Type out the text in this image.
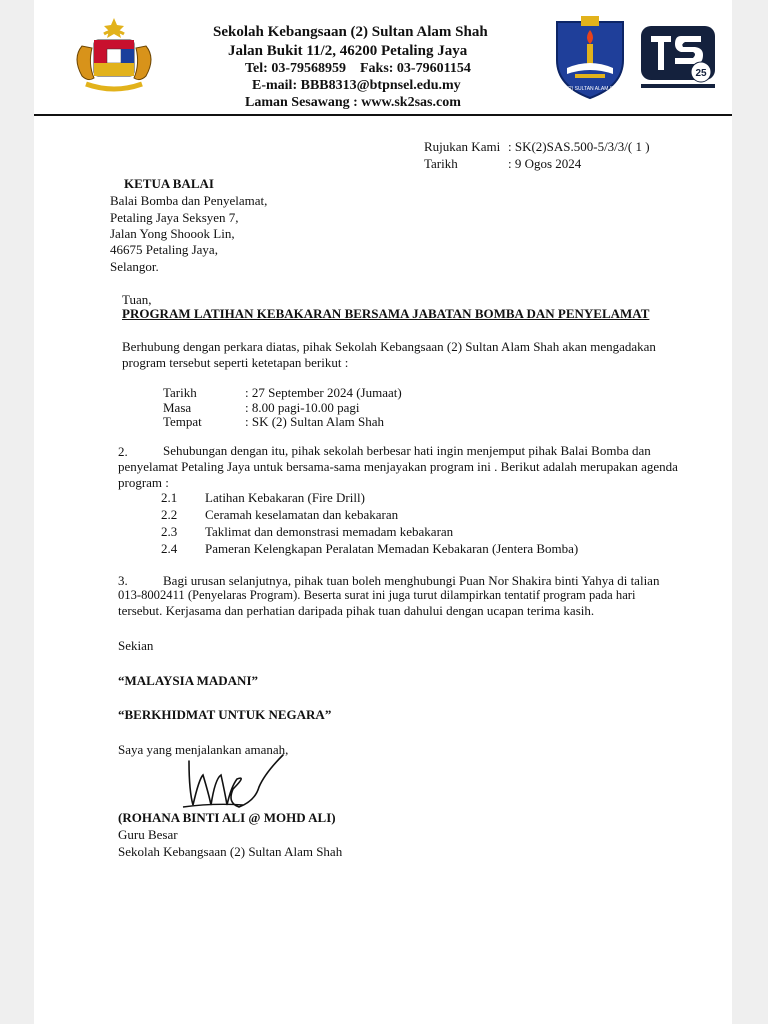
Sekolah Kebangsaan (2) Sultan Alam Shah
Jalan Bukit 11/2, 46200 Petaling Jaya
Tel: 03-79568959    Faks: 03-79601154
E-mail: BBB8313@btpnsel.edu.my
Laman Sesawang : www.sk2sas.com
S.K. (2) SULTAN ALAM SHAH
25
Rujukan Kami : SK(2)SAS.500-5/3/3/( 1 )
Tarikh	: 9 Ogos 2024
KETUA BALAI
Balai Bomba dan Penyelamat,
Petaling Jaya Seksyen 7,
Jalan Yong Shoook Lin,
46675 Petaling Jaya,
Selangor.
Tuan,
PROGRAM LATIHAN KEBAKARAN BERSAMA JABATAN BOMBA DAN PENYELAMAT
Berhubung dengan perkara diatas, pihak Sekolah Kebangsaan (2) Sultan Alam Shah akan mengadakan
program tersebut seperti ketetapan berikut :
Tarikh	: 27 September 2024 (Jumaat)
Masa	: 8.00 pagi-10.00 pagi
Tempat	: SK (2) Sultan Alam Shah
2.	Sehubungan dengan itu, pihak sekolah berbesar hati ingin menjemput pihak Balai Bomba dan
penyelamat Petaling Jaya untuk bersama-sama menjayakan program ini . Berikut adalah merupakan agenda
program :
2.1 Latihan Kebakaran (Fire Drill)
2.2 Ceramah keselamatan dan kebakaran
2.3 Taklimat dan demonstrasi memadam kebakaran
2.4 Pameran Kelengkapan Peralatan Memadan Kebakaran (Jentera Bomba)
3.	Bagi urusan selanjutnya, pihak tuan boleh menghubungi Puan Nor Shakira binti Yahya di talian
013-8002411 (Penyelaras Program). Beserta surat ini juga turut dilampirkan tentatif program pada hari
tersebut. Kerjasama dan perhatian daripada pihak tuan dahului dengan ucapan terima kasih.
Sekian
“MALAYSIA MADANI”
“BERKHIDMAT UNTUK NEGARA”
Saya yang menjalankan amanah,
(ROHANA BINTI ALI @ MOHD ALI)
Guru Besar
Sekolah Kebangsaan (2) Sultan Alam Shah
